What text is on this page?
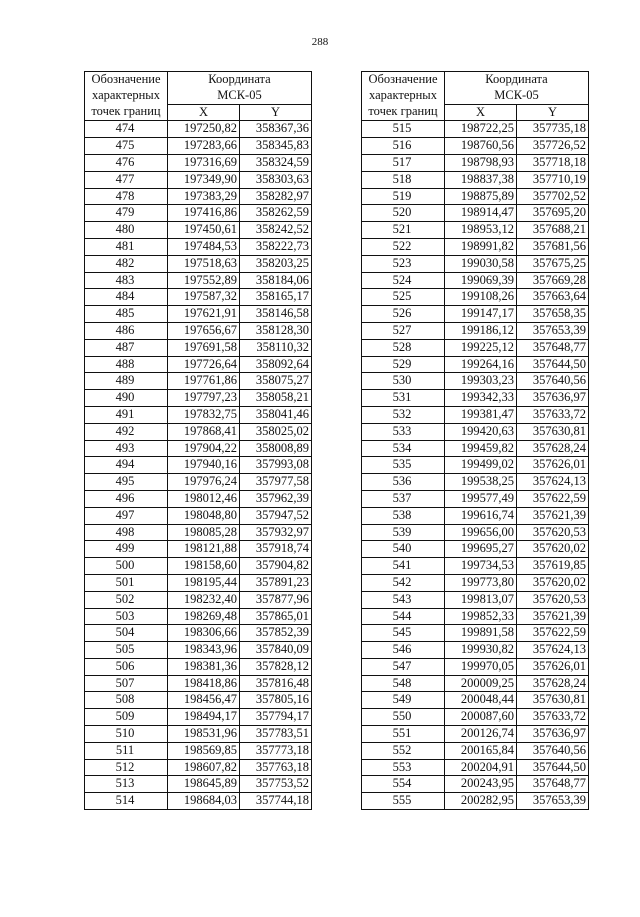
288
Обозначение
характерных
точек границ	Координата
МСК-05	
	X	Y
474	197250,82	358367,36
475	197283,66	358345,83
476	197316,69	358324,59
477	197349,90	358303,63
478	197383,29	358282,97
479	197416,86	358262,59
480	197450,61	358242,52
481	197484,53	358222,73
482	197518,63	358203,25
483	197552,89	358184,06
484	197587,32	358165,17
485	197621,91	358146,58
486	197656,67	358128,30
487	197691,58	358110,32
488	197726,64	358092,64
489	197761,86	358075,27
490	197797,23	358058,21
491	197832,75	358041,46
492	197868,41	358025,02
493	197904,22	358008,89
494	197940,16	357993,08
495	197976,24	357977,58
496	198012,46	357962,39
497	198048,80	357947,52
498	198085,28	357932,97
499	198121,88	357918,74
500	198158,60	357904,82
501	198195,44	357891,23
502	198232,40	357877,96
503	198269,48	357865,01
504	198306,66	357852,39
505	198343,96	357840,09
506	198381,36	357828,12
507	198418,86	357816,48
508	198456,47	357805,16
509	198494,17	357794,17
510	198531,96	357783,51
511	198569,85	357773,18
512	198607,82	357763,18
513	198645,89	357753,52
514	198684,03	357744,18
Обозначение
характерных
точек границ	Координата
МСК-05	
	X	Y
515	198722,25	357735,18
516	198760,56	357726,52
517	198798,93	357718,18
518	198837,38	357710,19
519	198875,89	357702,52
520	198914,47	357695,20
521	198953,12	357688,21
522	198991,82	357681,56
523	199030,58	357675,25
524	199069,39	357669,28
525	199108,26	357663,64
526	199147,17	357658,35
527	199186,12	357653,39
528	199225,12	357648,77
529	199264,16	357644,50
530	199303,23	357640,56
531	199342,33	357636,97
532	199381,47	357633,72
533	199420,63	357630,81
534	199459,82	357628,24
535	199499,02	357626,01
536	199538,25	357624,13
537	199577,49	357622,59
538	199616,74	357621,39
539	199656,00	357620,53
540	199695,27	357620,02
541	199734,53	357619,85
542	199773,80	357620,02
543	199813,07	357620,53
544	199852,33	357621,39
545	199891,58	357622,59
546	199930,82	357624,13
547	199970,05	357626,01
548	200009,25	357628,24
549	200048,44	357630,81
550	200087,60	357633,72
551	200126,74	357636,97
552	200165,84	357640,56
553	200204,91	357644,50
554	200243,95	357648,77
555	200282,95	357653,39
